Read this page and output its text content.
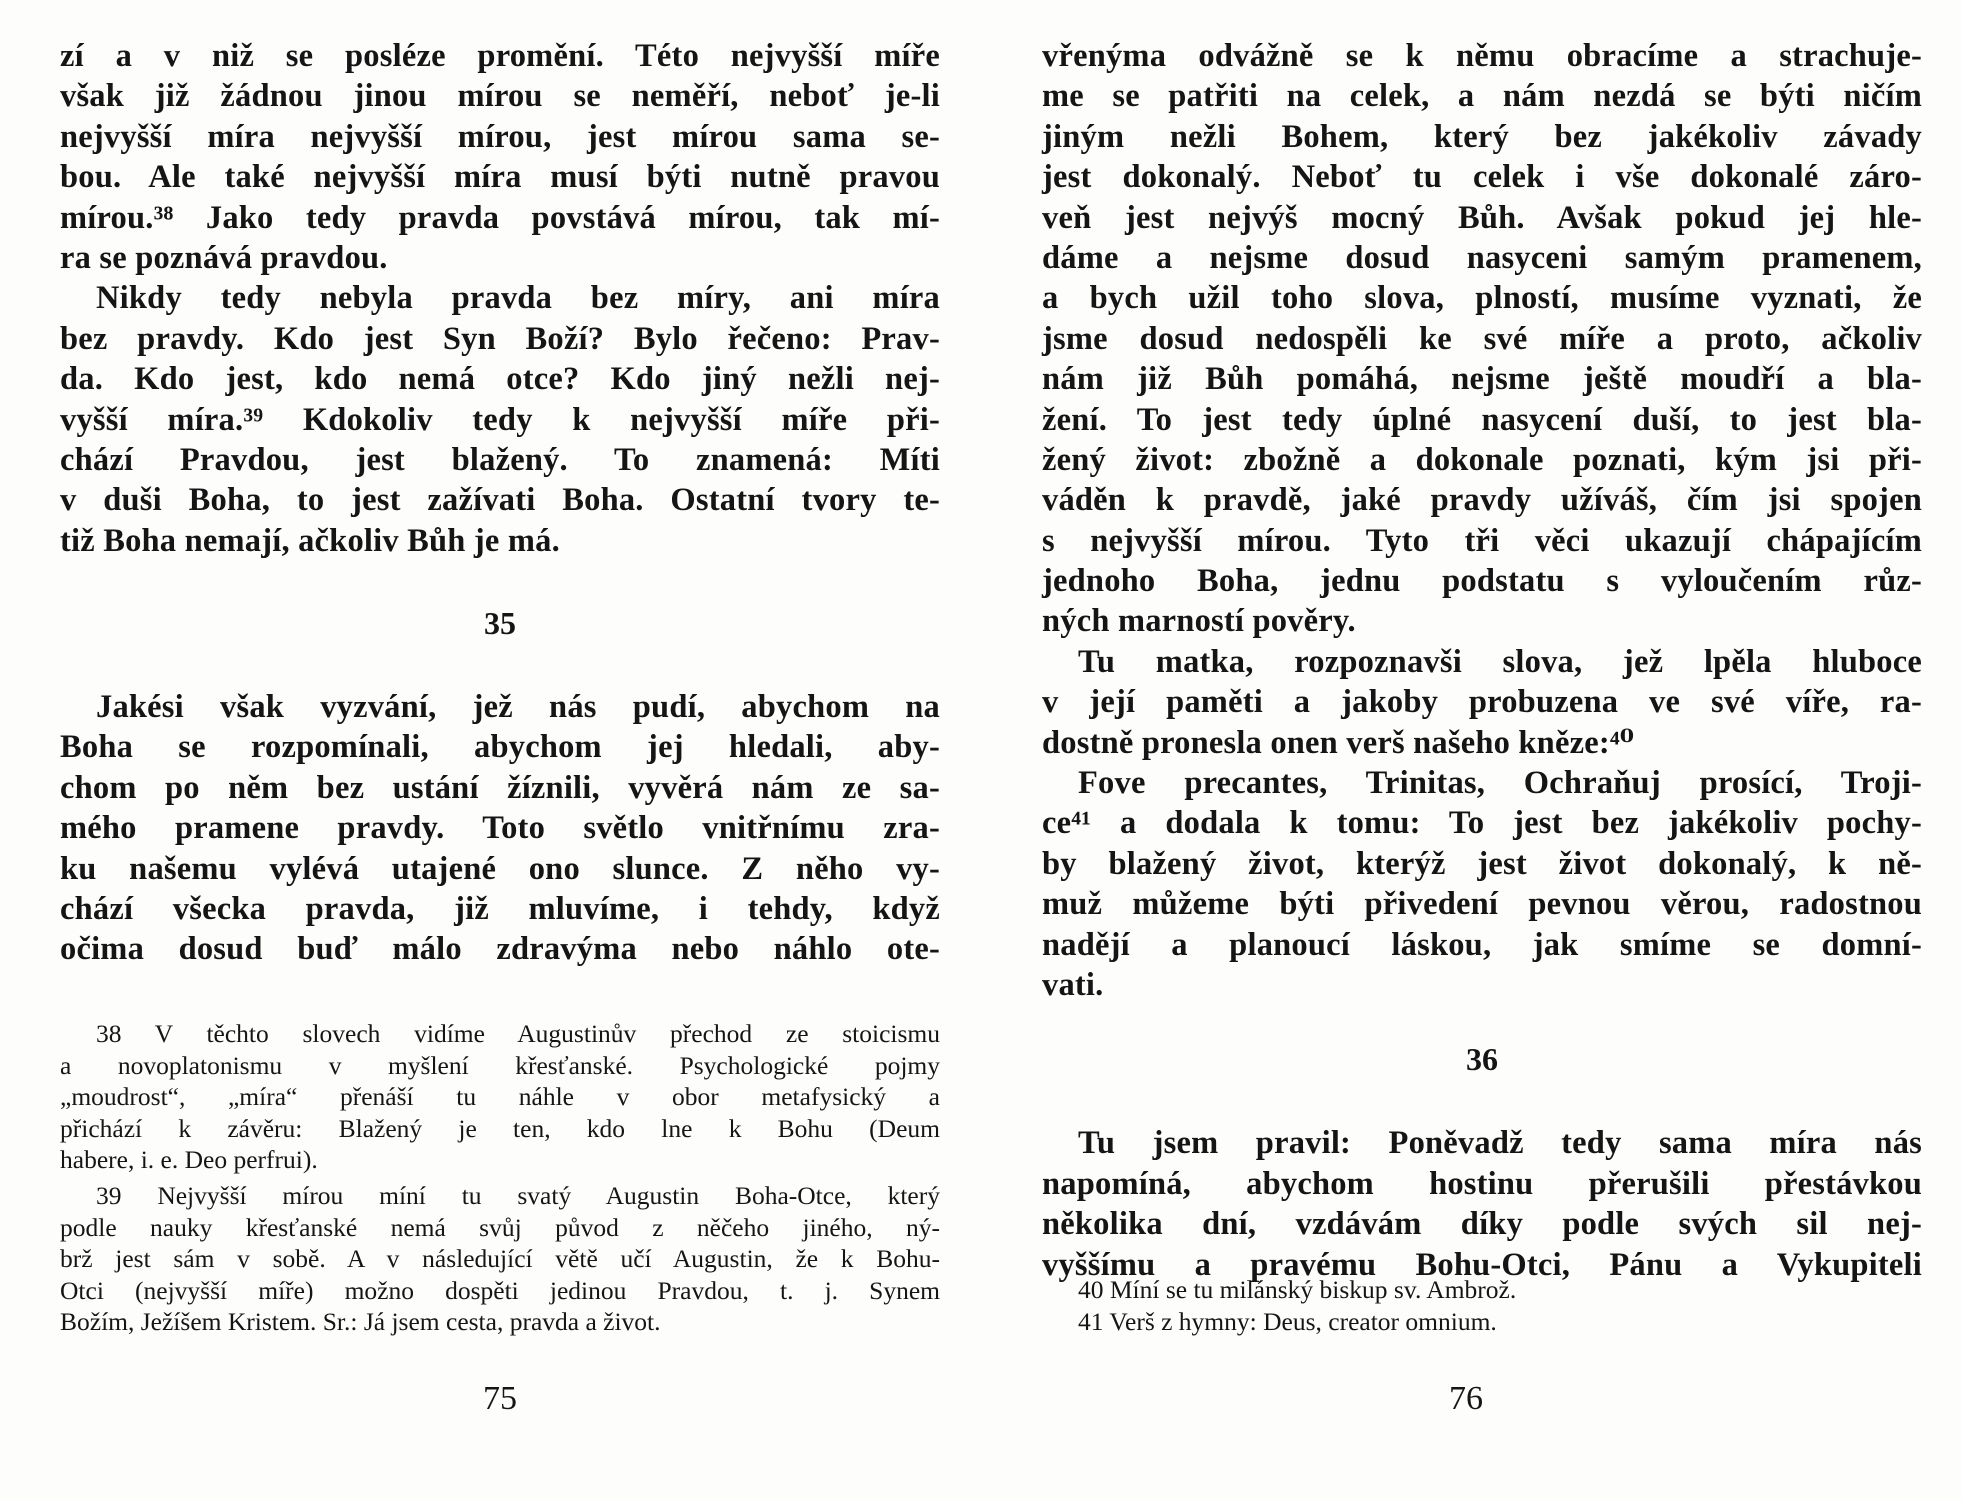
zí a v niž se posléze promění. Této nejvyšší míře
však již žádnou jinou mírou se neměří, neboť je-li
nejvyšší míra nejvyšší mírou, jest mírou sama se-
bou. Ale také nejvyšší míra musí býti nutně pravou
mírou.³⁸ Jako tedy pravda povstává mírou, tak mí-
ra se poznává pravdou.
Nikdy tedy nebyla pravda bez míry, ani míra
bez pravdy. Kdo jest Syn Boží? Bylo řečeno: Prav-
da. Kdo jest, kdo nemá otce? Kdo jiný nežli nej-
vyšší míra.³⁹ Kdokoliv tedy k nejvyšší míře při-
chází Pravdou, jest blažený. To znamená: Míti
v duši Boha, to jest zažívati Boha. Ostatní tvory te-
tiž Boha nemají, ačkoliv Bůh je má.
35
Jakési však vyzvání, jež nás pudí, abychom na
Boha se rozpomínali, abychom jej hledali, aby-
chom po něm bez ustání žíznili, vyvěrá nám ze sa-
mého pramene pravdy. Toto světlo vnitřnímu zra-
ku našemu vylévá utajené ono slunce. Z něho vy-
chází všecka pravda, již mluvíme, i tehdy, když
očima dosud buď málo zdravýma nebo náhlo ote-
38 V těchto slovech vidíme Augustinův přechod ze stoicismu
a novoplatonismu v myšlení křesťanské. Psychologické pojmy
„moudrost“, „míra“ přenáší tu náhle v obor metafysický a
přichází k závěru: Blažený je ten, kdo lne k Bohu (Deum
habere, i. e. Deo perfrui).
39 Nejvyšší mírou míní tu svatý Augustin Boha-Otce, který
podle nauky křesťanské nemá svůj původ z něčeho jiného, ný-
brž jest sám v sobě. A v následující větě učí Augustin, že k Bohu-
Otci (nejvyšší míře) možno dospěti jedinou Pravdou, t. j. Synem
Božím, Ježíšem Kristem. Sr.: Já jsem cesta, pravda a život.
75
vřenýma odvážně se k němu obracíme a strachuje-
me se patřiti na celek, a nám nezdá se býti ničím
jiným nežli Bohem, který bez jakékoliv závady
jest dokonalý. Neboť tu celek i vše dokonalé záro-
veň jest nejvýš mocný Bůh. Avšak pokud jej hle-
dáme a nejsme dosud nasyceni samým pramenem,
a bych užil toho slova, plností, musíme vyznati, že
jsme dosud nedospěli ke své míře a proto, ačkoliv
nám již Bůh pomáhá, nejsme ještě moudří a bla-
žení. To jest tedy úplné nasycení duší, to jest bla-
žený život: zbožně a dokonale poznati, kým jsi při-
váděn k pravdě, jaké pravdy užíváš, čím jsi spojen
s nejvyšší mírou. Tyto tři věci ukazují chápajícím
jednoho Boha, jednu podstatu s vyloučením růz-
ných marností pověry.
Tu matka, rozpoznavši slova, jež lpěla hluboce
v její paměti a jakoby probuzena ve své víře, ra-
dostně pronesla onen verš našeho kněze:⁴⁰
Fove precantes, Trinitas, Ochraňuj prosící, Troji-
ce⁴¹ a dodala k tomu: To jest bez jakékoliv pochy-
by blažený život, kterýž jest život dokonalý, k ně-
muž můžeme býti přivedení pevnou věrou, radostnou
nadějí a planoucí láskou, jak smíme se domní-
vati.
36
Tu jsem pravil: Poněvadž tedy sama míra nás
napomíná, abychom hostinu přerušili přestávkou
několika dní, vzdávám díky podle svých sil nej-
vyššímu a pravému Bohu-Otci, Pánu a Vykupiteli
40 Míní se tu milánský biskup sv. Ambrož.
41 Verš z hymny: Deus, creator omnium.
76
